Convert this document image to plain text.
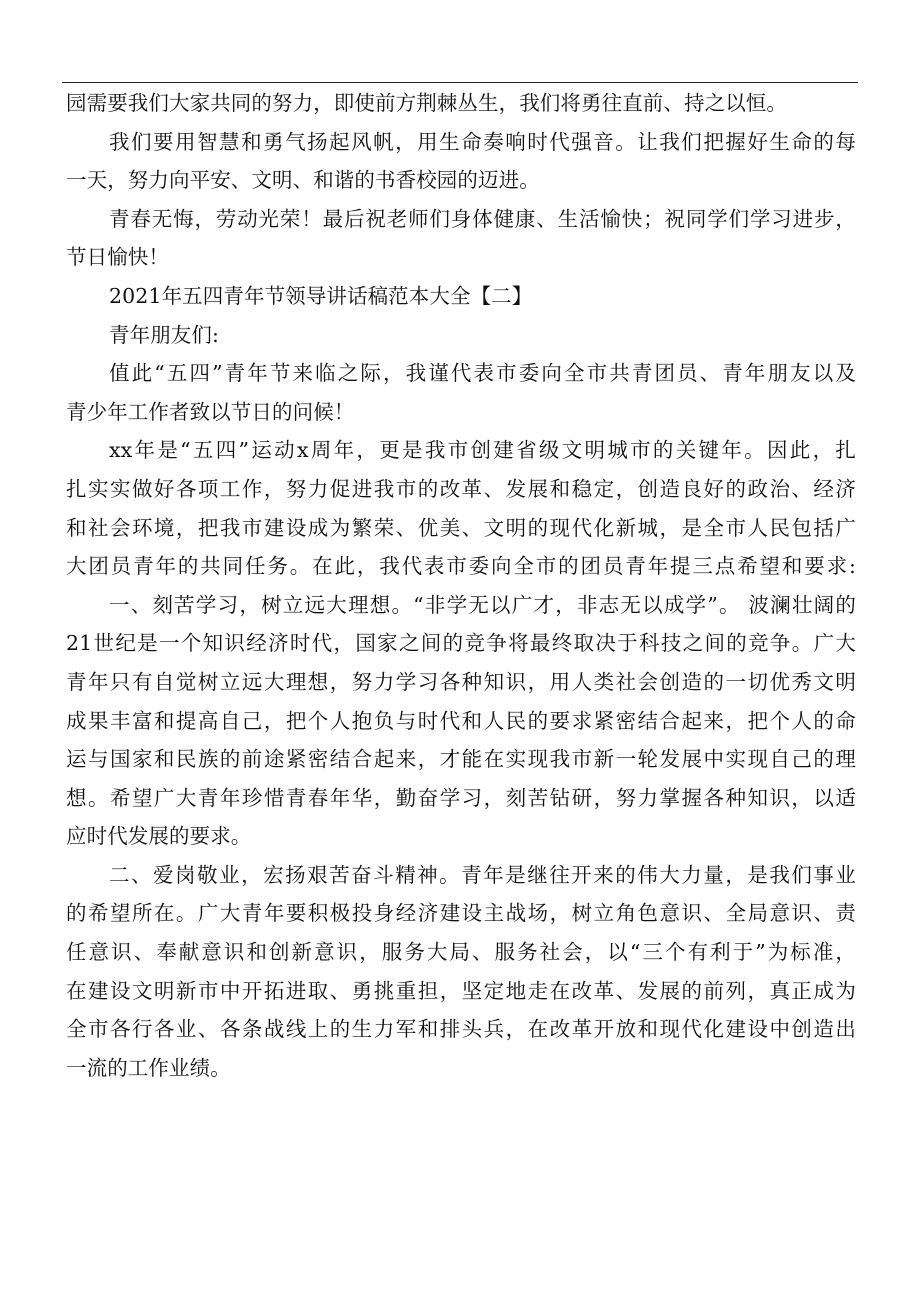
园需要我们大家共同的努力，即使前方荆棘丛生，我们将勇往直前、持之以恒。
我们要用智慧和勇气扬起风帆，用生命奏响时代强音。让我们把握好生命的每
一天，努力向平安、文明、和谐的书香校园的迈进。
青春无悔，劳动光荣！最后祝老师们身体健康、生活愉快；祝同学们学习进步，
节日愉快！
2021年五四青年节领导讲话稿范本大全【二】
青年朋友们:
值此“五四”青年节来临之际，我谨代表市委向全市共青团员、青年朋友以及
青少年工作者致以节日的问候！
xx年是“五四”运动x周年，更是我市创建省级文明城市的关键年。因此，扎
扎实实做好各项工作，努力促进我市的改革、发展和稳定，创造良好的政治、经济
和社会环境，把我市建设成为繁荣、优美、文明的现代化新城，是全市人民包括广
大团员青年的共同任务。在此，我代表市委向全市的团员青年提三点希望和要求:
一、刻苦学习，树立远大理想。“非学无以广才，非志无以成学”。 波澜壮阔的
21世纪是一个知识经济时代，国家之间的竞争将最终取决于科技之间的竞争。广大
青年只有自觉树立远大理想，努力学习各种知识，用人类社会创造的一切优秀文明
成果丰富和提高自己，把个人抱负与时代和人民的要求紧密结合起来，把个人的命
运与国家和民族的前途紧密结合起来，才能在实现我市新一轮发展中实现自己的理
想。希望广大青年珍惜青春年华，勤奋学习，刻苦钻研，努力掌握各种知识，以适
应时代发展的要求。
二、爱岗敬业，宏扬艰苦奋斗精神。青年是继往开来的伟大力量，是我们事业
的希望所在。广大青年要积极投身经济建设主战场，树立角色意识、全局意识、责
任意识、奉献意识和创新意识，服务大局、服务社会，以“三个有利于”为标准，
在建设文明新市中开拓进取、勇挑重担，坚定地走在改革、发展的前列，真正成为
全市各行各业、各条战线上的生力军和排头兵，在改革开放和现代化建设中创造出
一流的工作业绩。
